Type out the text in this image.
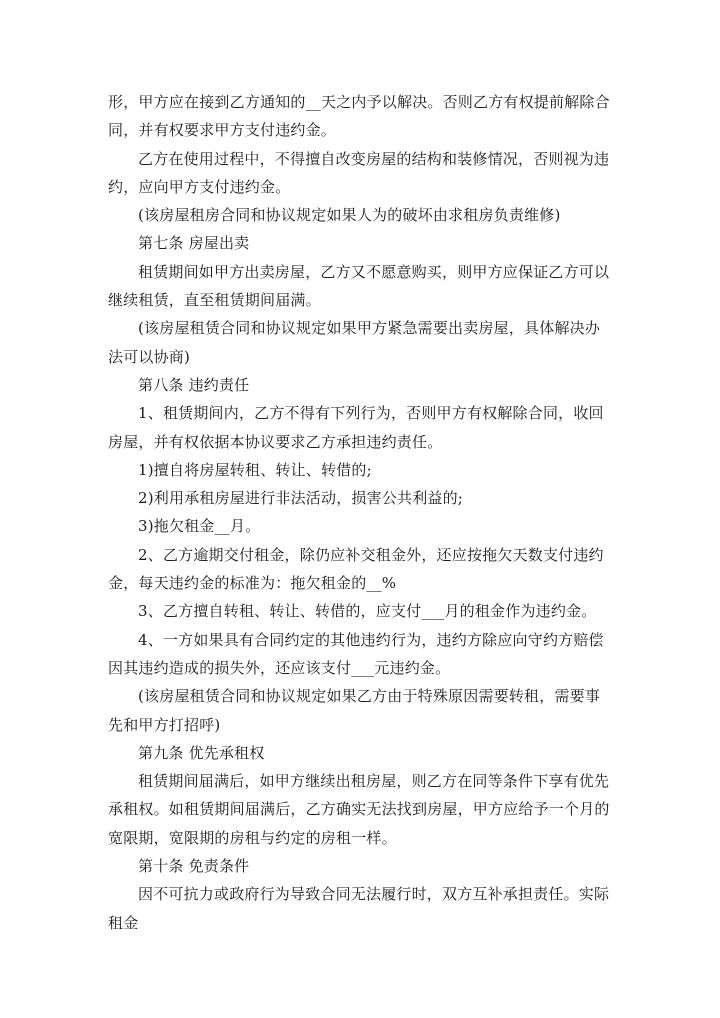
形，甲方应在接到乙方通知的__天之内予以解决。否则乙方有权提前解除合同，并有权要求甲方支付违约金。

乙方在使用过程中，不得擅自改变房屋的结构和装修情况，否则视为违约，应向甲方支付违约金。

(该房屋租房合同和协议规定如果人为的破坏由求租房负责维修)

第七条 房屋出卖

租赁期间如甲方出卖房屋，乙方又不愿意购买，则甲方应保证乙方可以继续租赁，直至租赁期间届满。

(该房屋租赁合同和协议规定如果甲方紧急需要出卖房屋，具体解决办法可以协商)

第八条 违约责任

1、租赁期间内，乙方不得有下列行为，否则甲方有权解除合同，收回房屋，并有权依据本协议要求乙方承担违约责任。

1)擅自将房屋转租、转让、转借的;

2)利用承租房屋进行非法活动，损害公共利益的;

3)拖欠租金__月。

2、乙方逾期交付租金，除仍应补交租金外，还应按拖欠天数支付违约金，每天违约金的标准为：拖欠租金的__%

3、乙方擅自转租、转让、转借的，应支付___月的租金作为违约金。

4、一方如果具有合同约定的其他违约行为，违约方除应向守约方赔偿因其违约造成的损失外，还应该支付___元违约金。

(该房屋租赁合同和协议规定如果乙方由于特殊原因需要转租，需要事先和甲方打招呼)

第九条 优先承租权

租赁期间届满后，如甲方继续出租房屋，则乙方在同等条件下享有优先承租权。如租赁期间届满后，乙方确实无法找到房屋，甲方应给予一个月的宽限期，宽限期的房租与约定的房租一样。

第十条 免责条件

因不可抗力或政府行为导致合同无法履行时，双方互补承担责任。实际租金
